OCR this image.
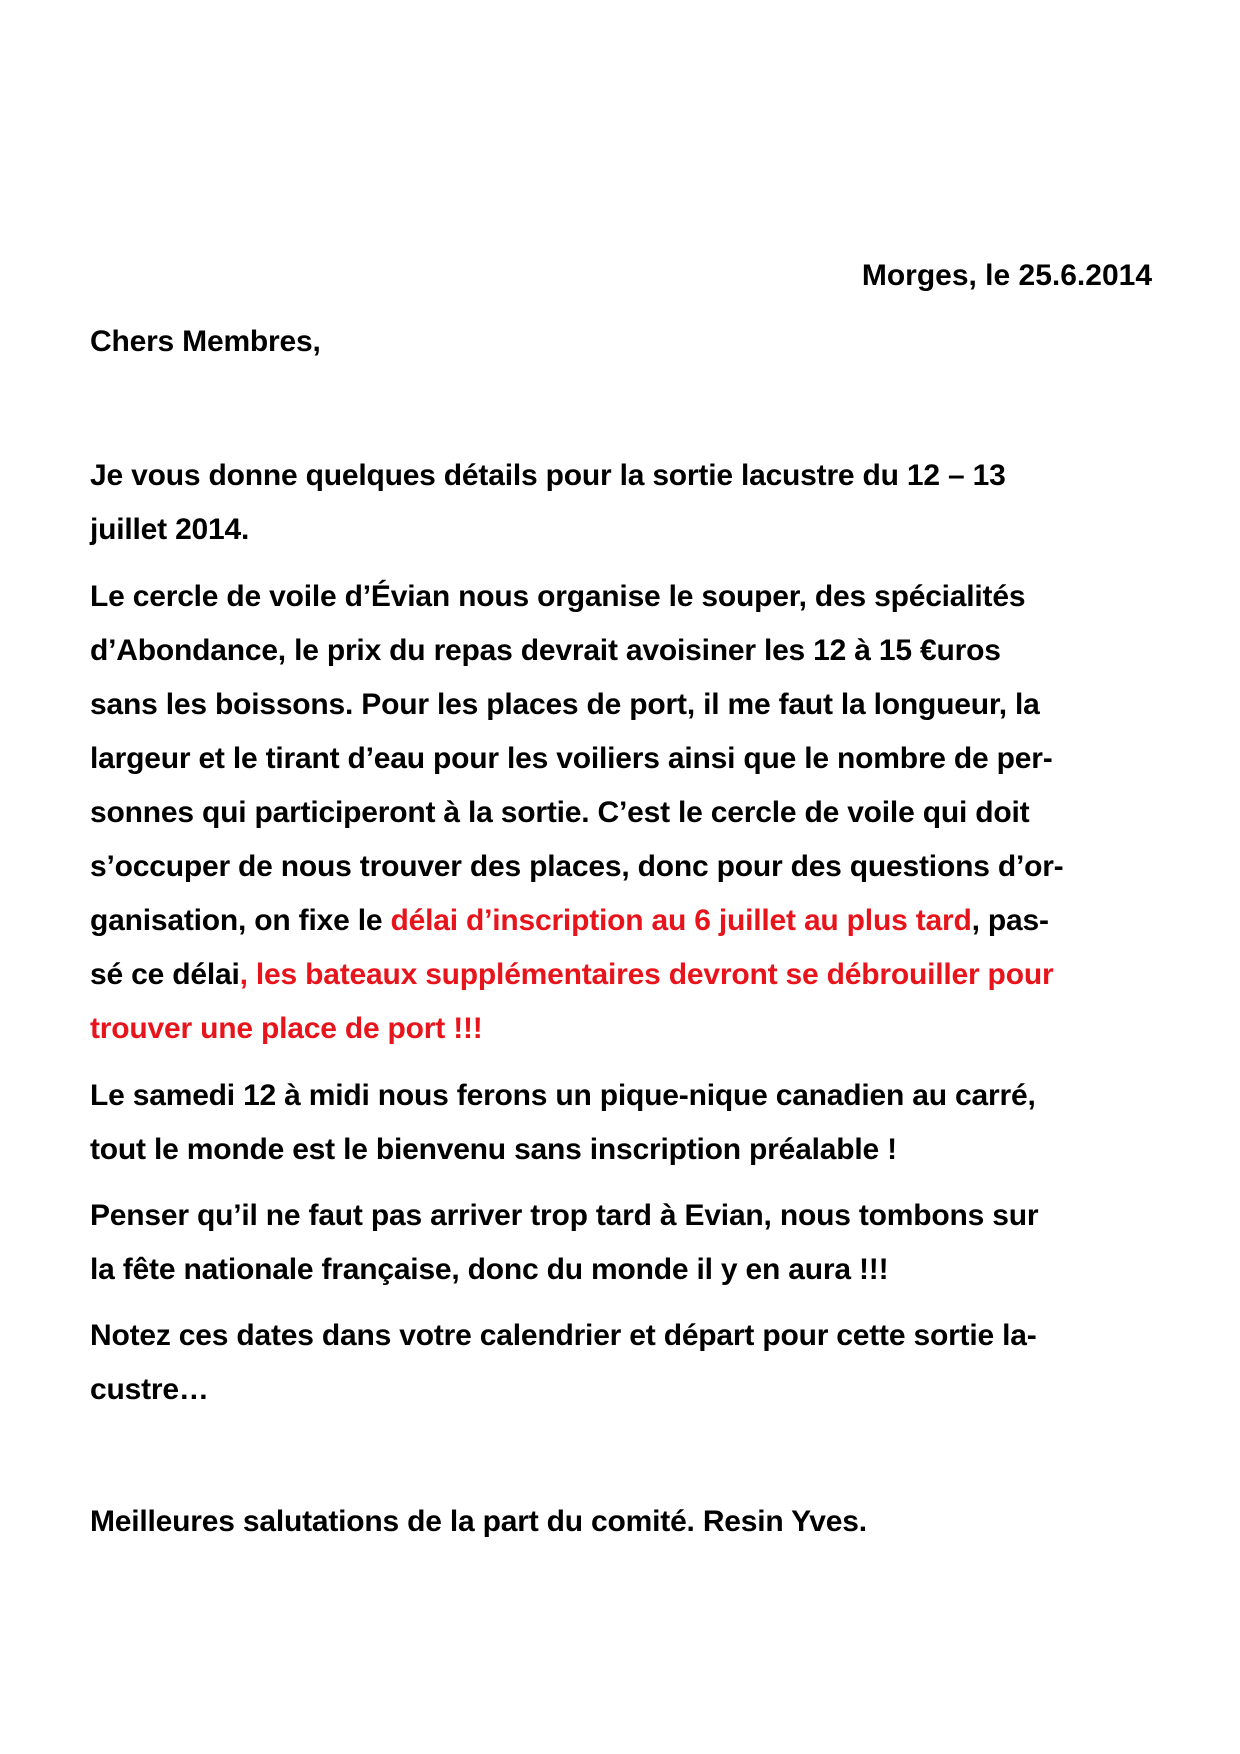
Morges, le 25.6.2014
Chers Membres,
Je vous donne quelques détails pour la sortie lacustre du 12 – 13
juillet 2014.
Le cercle de voile d’Évian nous organise le souper, des spécialités
d’Abondance, le prix du repas devrait avoisiner les 12 à 15 €uros
sans les boissons. Pour les places de port, il me faut la longueur, la
largeur et le tirant d’eau pour les voiliers ainsi que le nombre de per-
sonnes qui participeront à la sortie. C’est le cercle de voile qui doit
s’occuper de nous trouver des places, donc pour des questions d’or-
ganisation, on fixe le délai d’inscription au 6 juillet au plus tard, pas-
sé ce délai, les bateaux supplémentaires devront se débrouiller pour
trouver une place de port !!!
Le samedi 12 à midi nous ferons un pique-nique canadien au carré,
tout le monde est le bienvenu sans inscription préalable !
Penser qu’il ne faut pas arriver trop tard à Evian, nous tombons sur
la fête nationale française, donc du monde il y en aura !!!
Notez ces dates dans votre calendrier et départ pour cette sortie la-
custre…
Meilleures salutations de la part du comité. Resin Yves.
